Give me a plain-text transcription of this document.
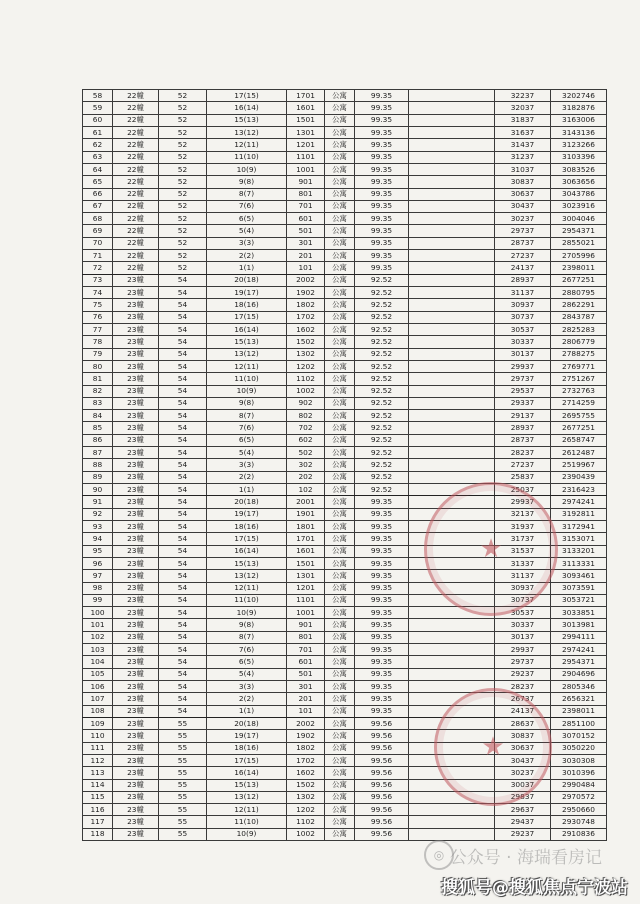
58	22幢	52	17(15)	1701	公寓	99.35		32237	3202746
59	22幢	52	16(14)	1601	公寓	99.35		32037	3182876
60	22幢	52	15(13)	1501	公寓	99.35		31837	3163006
61	22幢	52	13(12)	1301	公寓	99.35		31637	3143136
62	22幢	52	12(11)	1201	公寓	99.35		31437	3123266
63	22幢	52	11(10)	1101	公寓	99.35		31237	3103396
64	22幢	52	10(9)	1001	公寓	99.35		31037	3083526
65	22幢	52	9(8)	901	公寓	99.35		30837	3063656
66	22幢	52	8(7)	801	公寓	99.35		30637	3043786
67	22幢	52	7(6)	701	公寓	99.35		30437	3023916
68	22幢	52	6(5)	601	公寓	99.35		30237	3004046
69	22幢	52	5(4)	501	公寓	99.35		29737	2954371
70	22幢	52	3(3)	301	公寓	99.35		28737	2855021
71	22幢	52	2(2)	201	公寓	99.35		27237	2705996
72	22幢	52	1(1)	101	公寓	99.35		24137	2398011
73	23幢	54	20(18)	2002	公寓	92.52		28937	2677251
74	23幢	54	19(17)	1902	公寓	92.52		31137	2880795
75	23幢	54	18(16)	1802	公寓	92.52		30937	2862291
76	23幢	54	17(15)	1702	公寓	92.52		30737	2843787
77	23幢	54	16(14)	1602	公寓	92.52		30537	2825283
78	23幢	54	15(13)	1502	公寓	92.52		30337	2806779
79	23幢	54	13(12)	1302	公寓	92.52		30137	2788275
80	23幢	54	12(11)	1202	公寓	92.52		29937	2769771
81	23幢	54	11(10)	1102	公寓	92.52		29737	2751267
82	23幢	54	10(9)	1002	公寓	92.52		29537	2732763
83	23幢	54	9(8)	902	公寓	92.52		29337	2714259
84	23幢	54	8(7)	802	公寓	92.52		29137	2695755
85	23幢	54	7(6)	702	公寓	92.52		28937	2677251
86	23幢	54	6(5)	602	公寓	92.52		28737	2658747
87	23幢	54	5(4)	502	公寓	92.52		28237	2612487
88	23幢	54	3(3)	302	公寓	92.52		27237	2519967
89	23幢	54	2(2)	202	公寓	92.52		25837	2390439
90	23幢	54	1(1)	102	公寓	92.52		25037	2316423
91	23幢	54	20(18)	2001	公寓	99.35		29937	2974241
92	23幢	54	19(17)	1901	公寓	99.35		32137	3192811
93	23幢	54	18(16)	1801	公寓	99.35		31937	3172941
94	23幢	54	17(15)	1701	公寓	99.35		31737	3153071
95	23幢	54	16(14)	1601	公寓	99.35		31537	3133201
96	23幢	54	15(13)	1501	公寓	99.35		31337	3113331
97	23幢	54	13(12)	1301	公寓	99.35		31137	3093461
98	23幢	54	12(11)	1201	公寓	99.35		30937	3073591
99	23幢	54	11(10)	1101	公寓	99.35		30737	3053721
100	23幢	54	10(9)	1001	公寓	99.35		30537	3033851
101	23幢	54	9(8)	901	公寓	99.35		30337	3013981
102	23幢	54	8(7)	801	公寓	99.35		30137	2994111
103	23幢	54	7(6)	701	公寓	99.35		29937	2974241
104	23幢	54	6(5)	601	公寓	99.35		29737	2954371
105	23幢	54	5(4)	501	公寓	99.35		29237	2904696
106	23幢	54	3(3)	301	公寓	99.35		28237	2805346
107	23幢	54	2(2)	201	公寓	99.35		26737	2656321
108	23幢	54	1(1)	101	公寓	99.35		24137	2398011
109	23幢	55	20(18)	2002	公寓	99.56		28637	2851100
110	23幢	55	19(17)	1902	公寓	99.56		30837	3070152
111	23幢	55	18(16)	1802	公寓	99.56		30637	3050220
112	23幢	55	17(15)	1702	公寓	99.56		30437	3030308
113	23幢	55	16(14)	1602	公寓	99.56		30237	3010396
114	23幢	55	15(13)	1502	公寓	99.56		30037	2990484
115	23幢	55	13(12)	1302	公寓	99.56		29837	2970572
116	23幢	55	12(11)	1202	公寓	99.56		29637	2950660
117	23幢	55	11(10)	1102	公寓	99.56		29437	2930748
118	23幢	55	10(9)	1002	公寓	99.56		29237	2910836
★
★
◎ 公众号 · 海瑞看房记
搜狐号@搜狐焦点宁波站
